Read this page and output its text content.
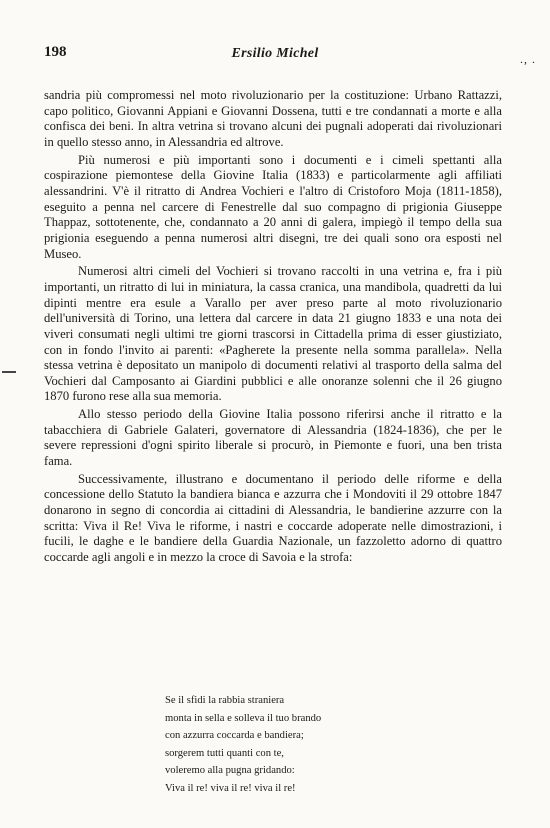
198	Ersilio Michel	., .

sandria più compromessi nel moto rivoluzionario per la costituzione: Urbano Rattazzi, capo politico, Giovanni Appiani e Giovanni Dossena, tutti e tre condannati a morte e alla confisca dei beni. In altra vetrina si trovano alcuni dei pugnali adoperati dai rivoluzionari in quello stesso anno, in Alessandria ed altrove.

Più numerosi e più importanti sono i documenti e i cimeli spettanti alla cospirazione piemontese della Giovine Italia (1833) e particolarmente agli affiliati alessandrini. V'è il ritratto di Andrea Vochieri e l'altro di Cristoforo Moja (1811-1858), eseguito a penna nel carcere di Fenestrelle dal suo compagno di prigionia Giuseppe Thappaz, sottotenente, che, condannato a 20 anni di galera, impiegò il tempo della sua prigionia eseguendo a penna numerosi altri disegni, tre dei quali sono ora esposti nel Museo.

Numerosi altri cimeli del Vochieri si trovano raccolti in una vetrina e, fra i più importanti, un ritratto di lui in miniatura, la cassa cranica, una mandibola, quadretti da lui dipinti mentre era esule a Varallo per aver preso parte al moto rivoluzionario dell'università di Torino, una lettera dal carcere in data 21 giugno 1833 e una nota dei viveri consumati negli ultimi tre giorni trascorsi in Cittadella prima di esser giustiziato, con in fondo l'invito ai parenti: «Pagherete la presente nella somma parallela». Nella stessa vetrina è depositato un manipolo di documenti relativi al trasporto della salma del Vochieri dal Camposanto ai Giardini pubblici e alle onoranze solenni che il 26 giugno 1870 furono rese alla sua memoria.

Allo stesso periodo della Giovine Italia possono riferirsi anche il ritratto e la tabacchiera di Gabriele Galateri, governatore di Alessandria (1824-1836), che per le severe repressioni d'ogni spirito liberale si procurò, in Piemonte e fuori, una ben trista fama.

Successivamente, illustrano e documentano il periodo delle riforme e della concessione dello Statuto la bandiera bianca e azzurra che i Mondoviti il 29 ottobre 1847 donarono in segno di concordia ai cittadini di Alessandria, le bandierine azzurre con la scritta: Viva il Re! Viva le riforme, i nastri e coccarde adoperate nelle dimostrazioni, i fucili, le daghe e le bandiere della Guardia Nazionale, un fazzoletto adorno di quattro coccarde agli angoli e in mezzo la croce di Savoia e la strofa:

Se il sfidi la rabbia straniera
monta in sella e solleva il tuo brando
con azzurra coccarda e bandiera;
sorgerem tutti quanti con te,
voleremo alla pugna gridando:
Viva il re! viva il re! viva il re!
